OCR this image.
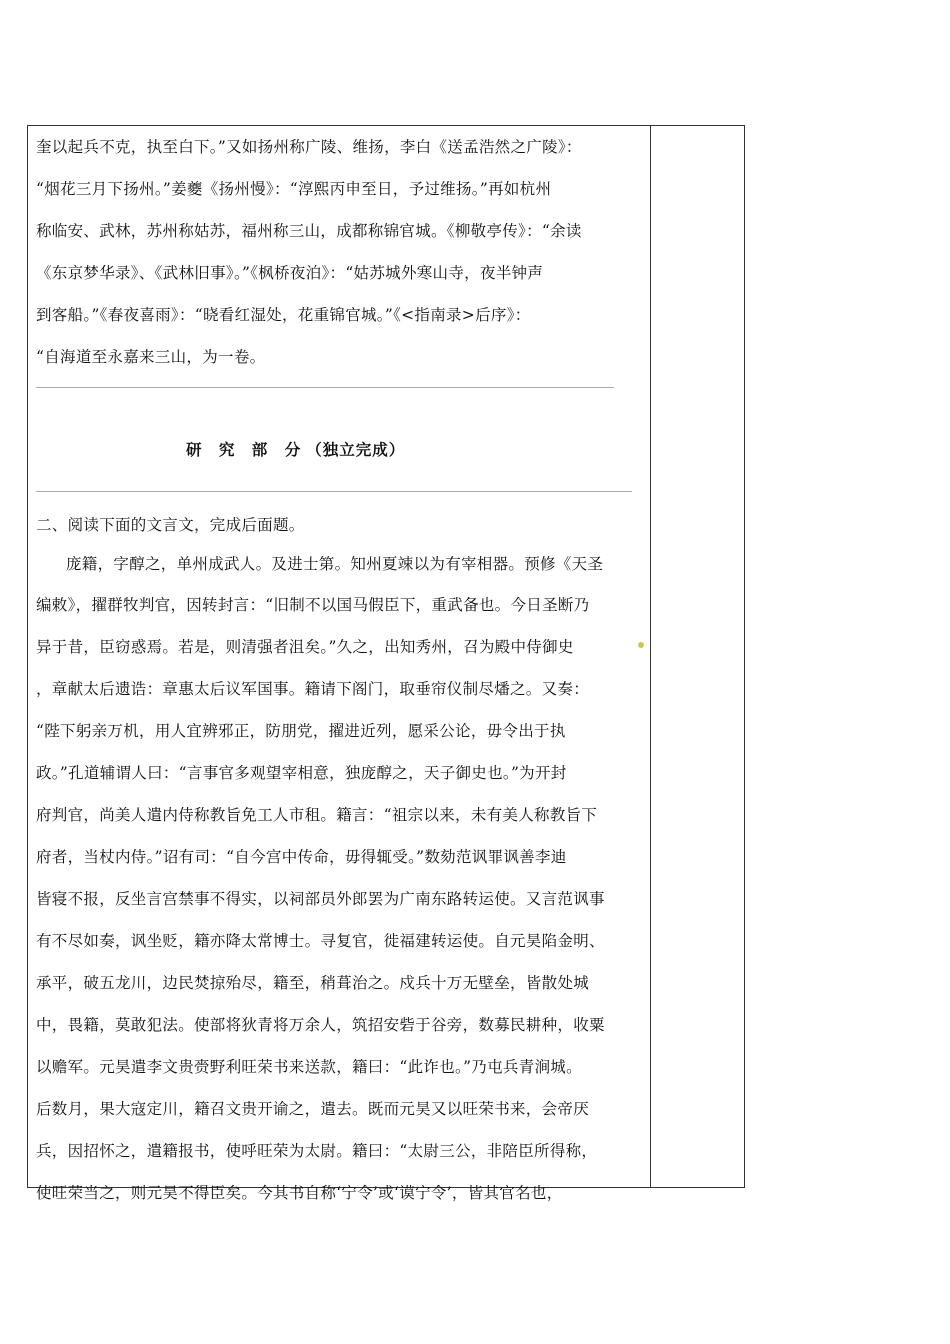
奎以起兵不克，执至白下。”又如扬州称广陵、维扬，李白《送孟浩然之广陵》：
“烟花三月下扬州。”姜夔《扬州慢》：“淳熙丙申至日，予过维扬。”再如杭州
称临安、武林，苏州称姑苏，福州称三山，成都称锦官城。《柳敬亭传》：“余读
《东京梦华录》、《武林旧事》。”《枫桥夜泊》：“姑苏城外寒山寺，夜半钟声
到客船。”《春夜喜雨》：“晓看红湿处，花重锦官城。”《<指南录>后序》：
“自海道至永嘉来三山，为一卷。
研 究 部 分（独立完成）
二、阅读下面的文言文，完成后面题。
庞籍，字醇之，单州成武人。及进士第。知州夏竦以为有宰相器。预修《天圣
编敕》，擢群牧判官，因转封言：“旧制不以国马假臣下，重武备也。今日圣断乃
异于昔，臣窃惑焉。若是，则清强者沮矣。”久之，出知秀州，召为殿中侍御史
，章献太后遗诰：章惠太后议军国事。籍请下阁门，取垂帘仪制尽燔之。又奏：
“陛下躬亲万机，用人宜辨邪正，防朋党，擢进近列，愿采公论，毋令出于执
政。”孔道辅谓人曰：“言事官多观望宰相意，独庞醇之，天子御史也。”为开封
府判官，尚美人遣内侍称教旨免工人市租。籍言：“祖宗以来，未有美人称教旨下
府者，当杖内侍。”诏有司：“自今宫中传命，毋得辄受。”数劾范讽罪讽善李迪
皆寝不报，反坐言宫禁事不得实，以祠部员外郎罢为广南东路转运使。又言范讽事
有不尽如奏，讽坐贬，籍亦降太常博士。寻复官，徙福建转运使。自元昊陷金明、
承平，破五龙川，边民焚掠殆尽，籍至，稍葺治之。戍兵十万无壁垒，皆散处城
中，畏籍，莫敢犯法。使部将狄青将万余人，筑招安砦于谷旁，数募民耕种，收粟
以赡军。元昊遣李文贵赍野利旺荣书来送款，籍曰：“此诈也。”乃屯兵青涧城。
后数月，果大寇定川，籍召文贵开谕之，遣去。既而元昊又以旺荣书来，会帝厌
兵，因招怀之，遣籍报书，使呼旺荣为太尉。籍曰：“太尉三公，非陪臣所得称，
使旺荣当之，则元昊不得臣矣。今其书自称‘宁令’或‘谟宁令’，皆其官名也，
